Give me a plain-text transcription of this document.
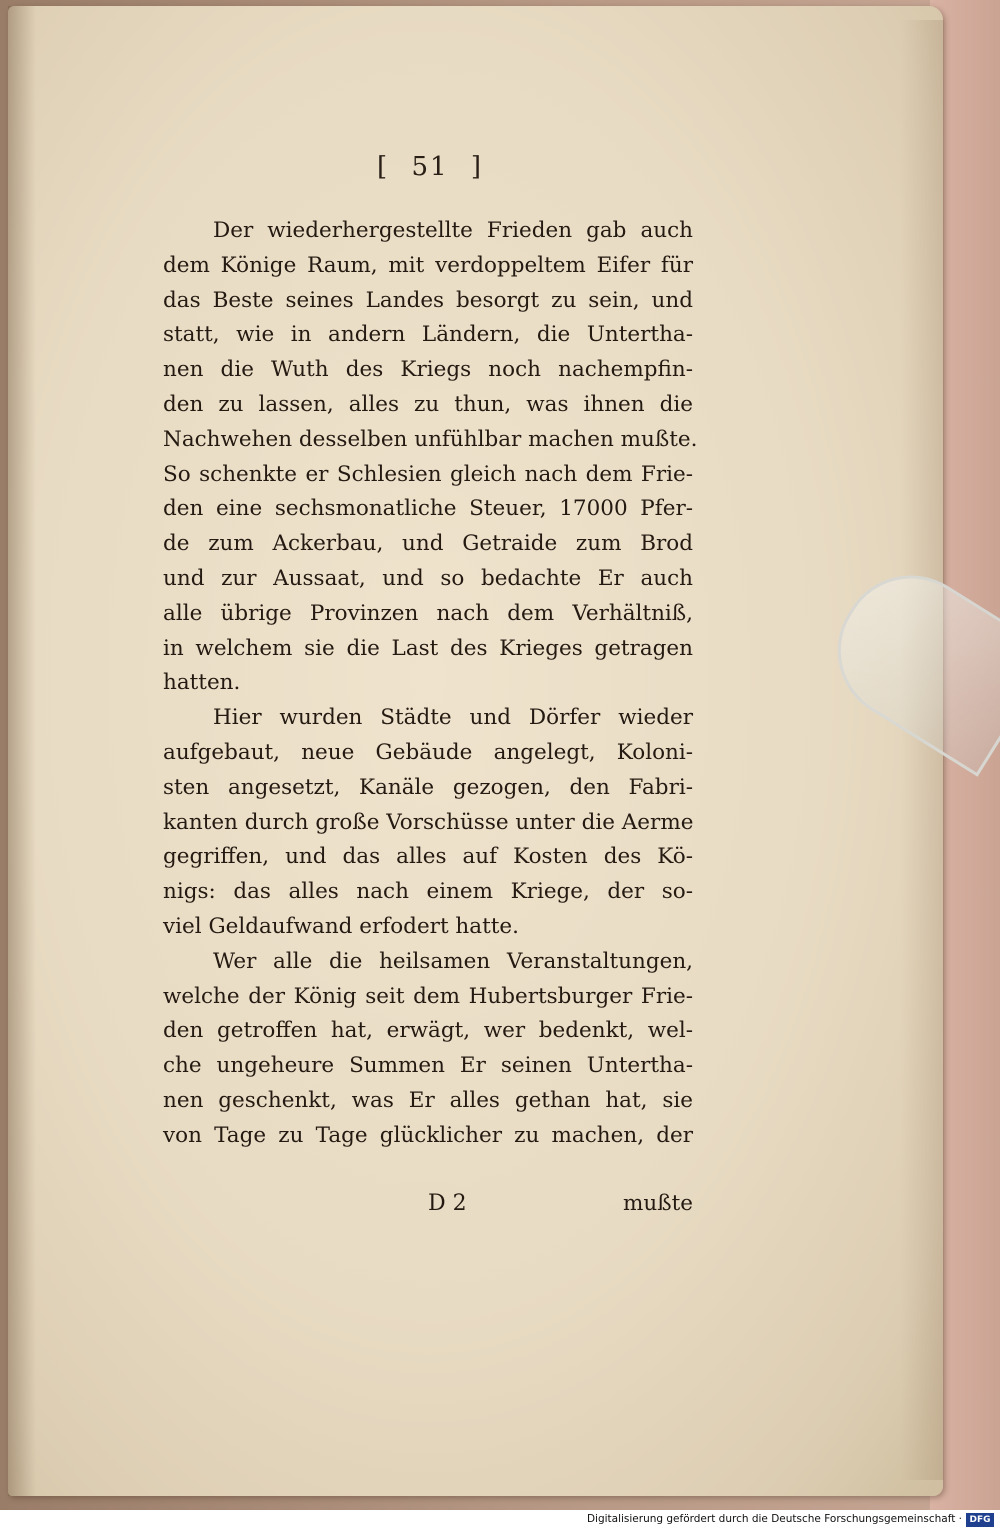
[ 51 ]
Der wiederhergestellte Frieden gab auch
dem Könige Raum, mit verdoppeltem Eifer für
das Beste seines Landes besorgt zu sein, und
statt, wie in andern Ländern, die Untertha-
nen die Wuth des Kriegs noch nachempfin-
den zu lassen, alles zu thun, was ihnen die
Nachwehen desselben unfühlbar machen mußte.
So schenkte er Schlesien gleich nach dem Frie-
den eine sechsmonatliche Steuer, 17000 Pfer-
de zum Ackerbau, und Getraide zum Brod
und zur Aussaat, und so bedachte Er auch
alle übrige Provinzen nach dem Verhältniß,
in welchem sie die Last des Krieges getragen
hatten.
Hier wurden Städte und Dörfer wieder
aufgebaut, neue Gebäude angelegt, Koloni-
sten angesetzt, Kanäle gezogen, den Fabri-
kanten durch große Vorschüsse unter die Aerme
gegriffen, und das alles auf Kosten des Kö-
nigs: das alles nach einem Kriege, der so-
viel Geldaufwand erfodert hatte.
Wer alle die heilsamen Veranstaltungen,
welche der König seit dem Hubertsburger Frie-
den getroffen hat, erwägt, wer bedenkt, wel-
che ungeheure Summen Er seinen Untertha-
nen geschenkt, was Er alles gethan hat, sie
von Tage zu Tage glücklicher zu machen, der
D 2	mußte
Digitalisierung gefördert durch die Deutsche Forschungsgemeinschaft · DFG
